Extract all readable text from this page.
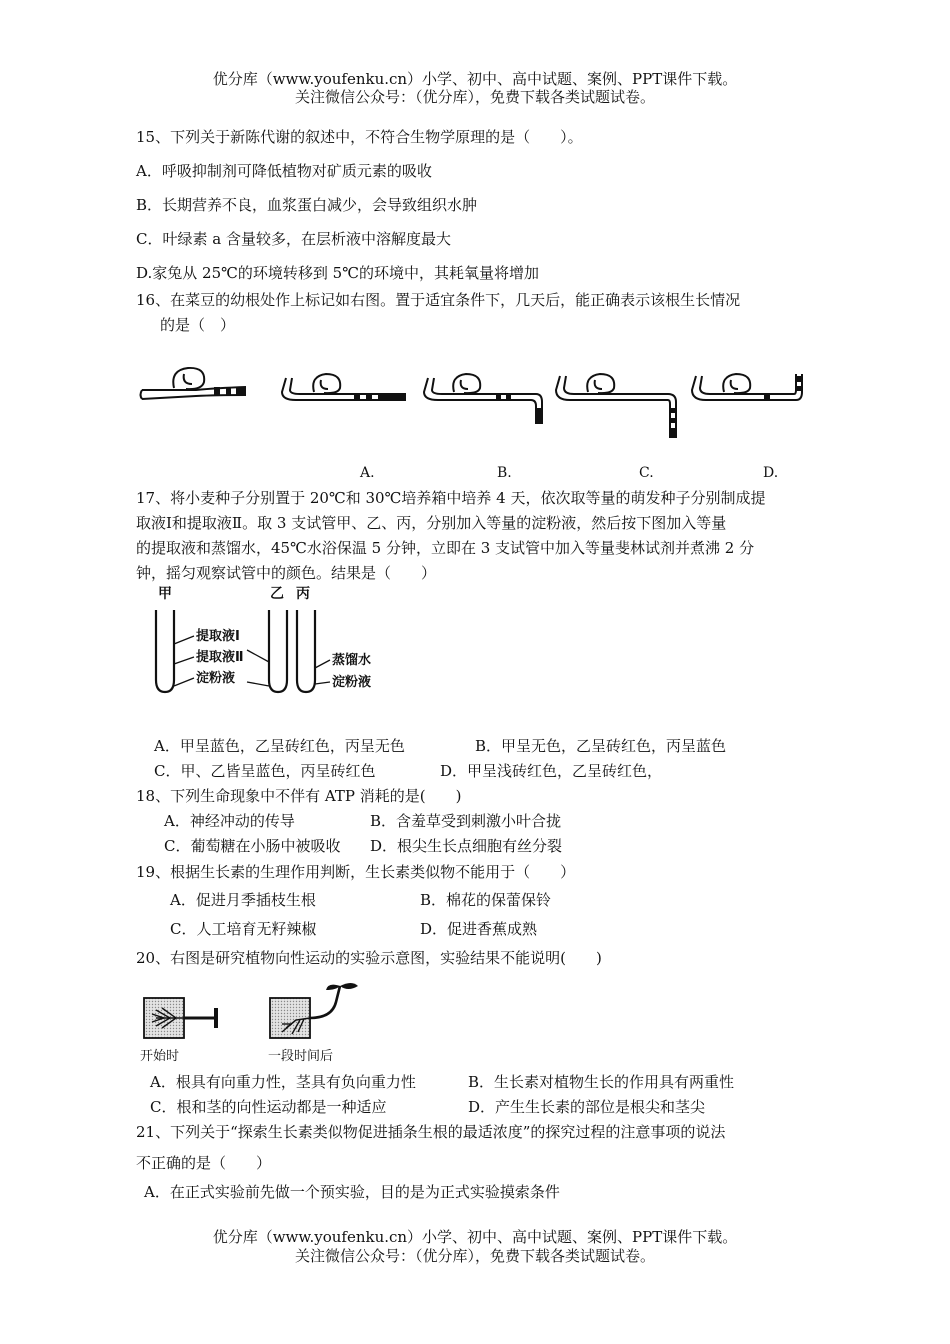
优分库（www.youfenku.cn）小学、初中、高中试题、案例、PPT课件下载。
关注微信公众号：（优分库），免费下载各类试题试卷。
15、下列关于新陈代谢的叙述中，不符合生物学原理的是（　　）。
A．呼吸抑制剂可降低植物对矿质元素的吸收
B．长期营养不良，血浆蛋白减少，会导致组织水肿
C．叶绿素 a 含量较多，在层析液中溶解度最大
D.家兔从 25℃的环境转移到 5℃的环境中，其耗氧量将增加
16、在菜豆的幼根处作上标记如右图。置于适宜条件下，几天后，能正确表示该根生长情况
的是（　）
A.	B.	C.	D.
17、将小麦种子分别置于 20℃和 30℃培养箱中培养 4 天，依次取等量的萌发种子分别制成提
取液Ⅰ和提取液Ⅱ。取 3 支试管甲、乙、丙，分别加入等量的淀粉液，然后按下图加入等量
的提取液和蒸馏水，45℃水浴保温 5 分钟，立即在 3 支试管中加入等量斐林试剂并煮沸 2 分
钟，摇匀观察试管中的颜色。结果是（　　）
甲	乙 丙
提取液Ⅰ
提取液Ⅱ
淀粉液
蒸馏水
淀粉液
A．甲呈蓝色，乙呈砖红色，丙呈无色	B．甲呈无色，乙呈砖红色，丙呈蓝色
C．甲、乙皆呈蓝色，丙呈砖红色	D．甲呈浅砖红色，乙呈砖红色，
18、下列生命现象中不伴有 ATP 消耗的是(　　)
A．神经冲动的传导	B．含羞草受到刺激小叶合拢
C．葡萄糖在小肠中被吸收 D．根尖生长点细胞有丝分裂
19、根据生长素的生理作用判断，生长素类似物不能用于（　　）
A．促进月季插枝生根	B．棉花的保蕾保铃
C．人工培育无籽辣椒	D．促进香蕉成熟
20、右图是研究植物向性运动的实验示意图，实验结果不能说明(　　)
开始时	一段时间后
A．根具有向重力性，茎具有负向重力性	B．生长素对植物生长的作用具有两重性
C．根和茎的向性运动都是一种适应	D．产生生长素的部位是根尖和茎尖
21、下列关于“探索生长素类似物促进插条生根的最适浓度”的探究过程的注意事项的说法
不正确的是（　　）
A．在正式实验前先做一个预实验，目的是为正式实验摸索条件
优分库（www.youfenku.cn）小学、初中、高中试题、案例、PPT课件下载。
关注微信公众号：（优分库），免费下载各类试题试卷。
